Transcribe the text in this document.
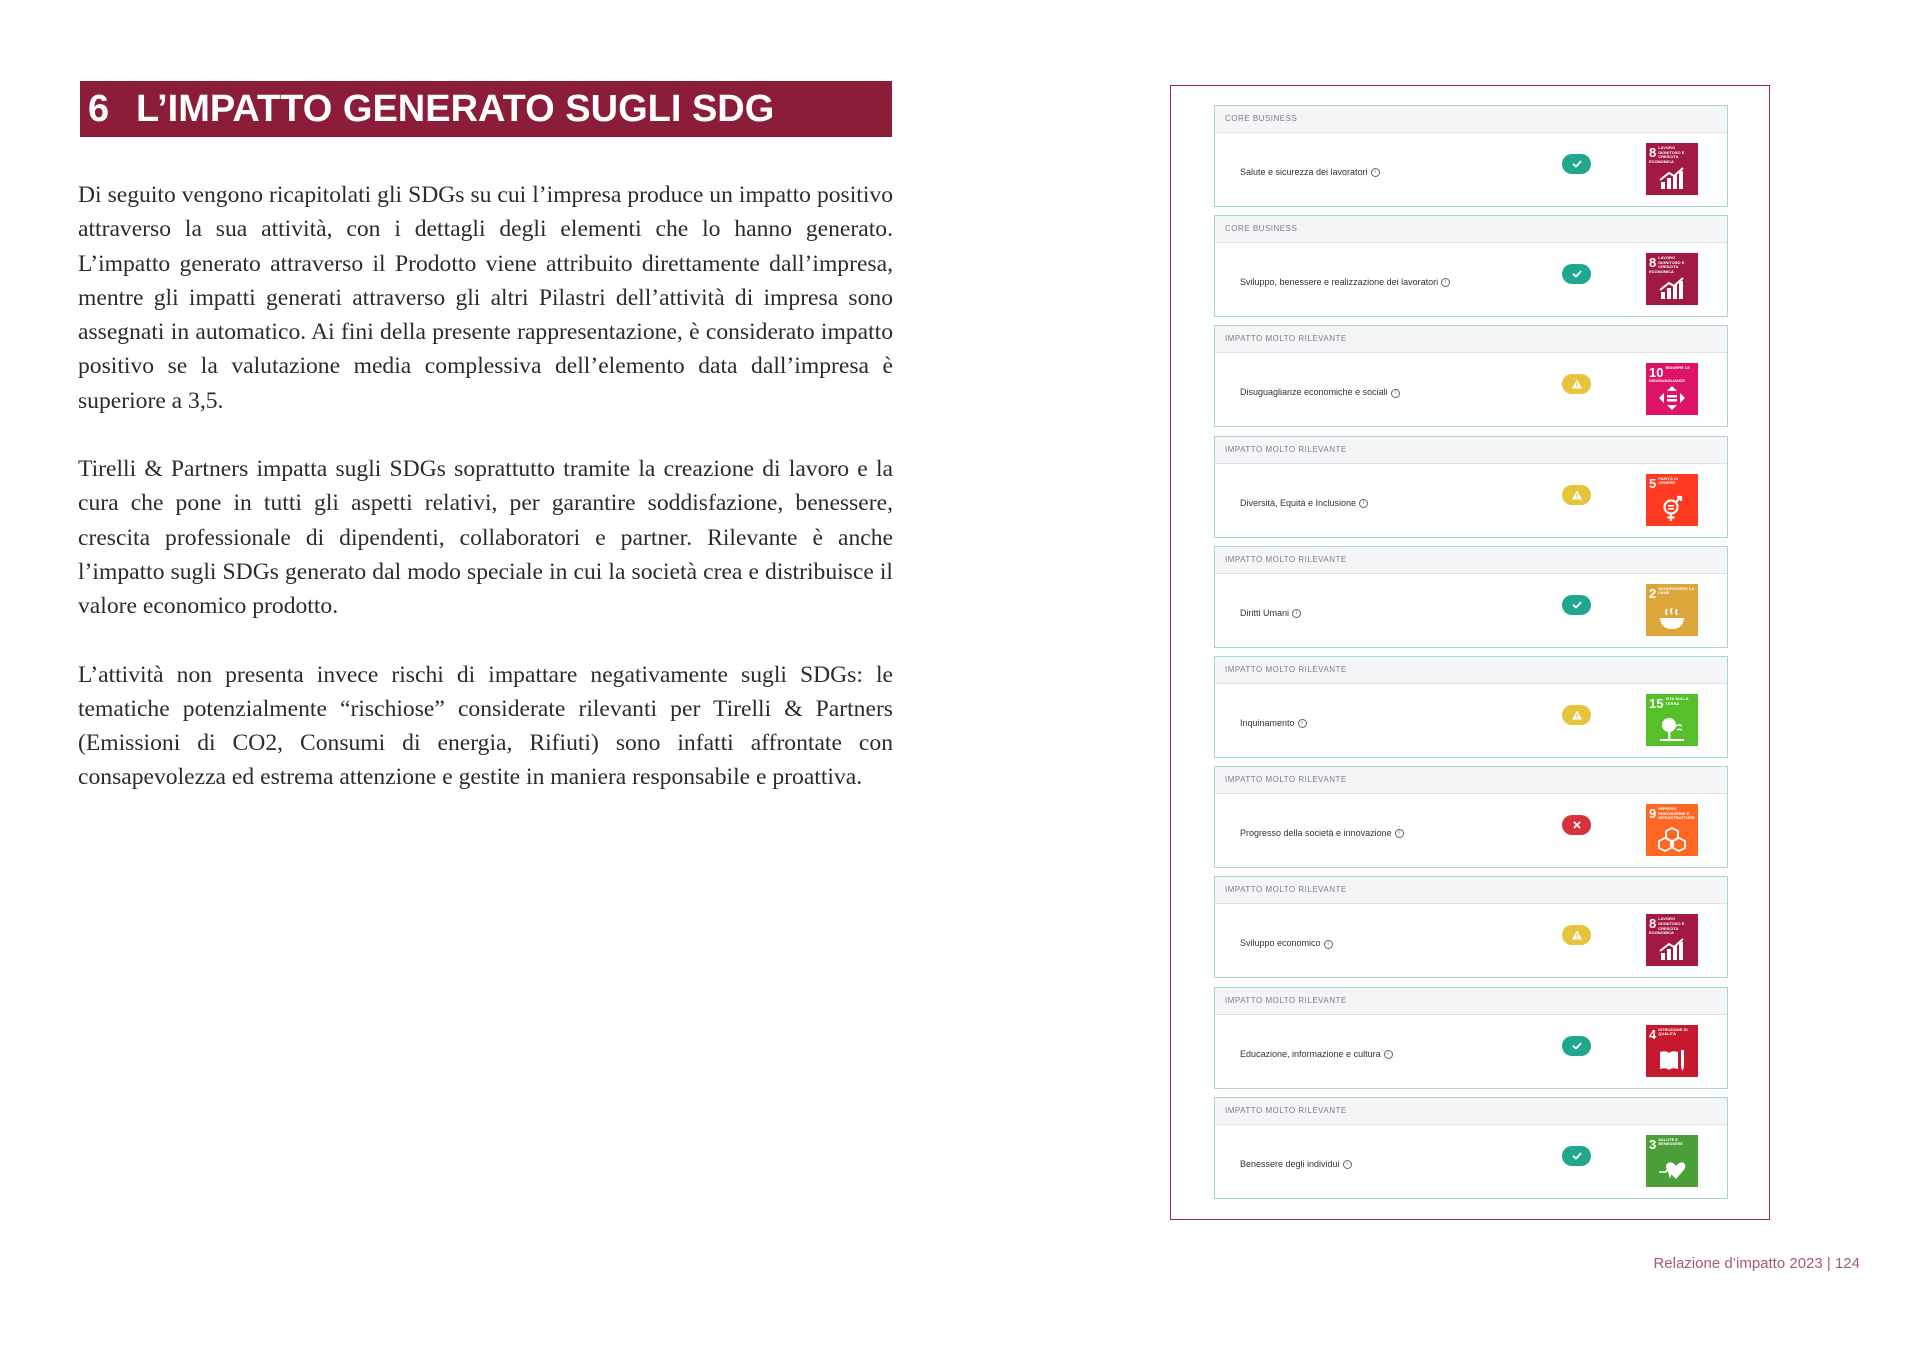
6 L’IMPATTO GENERATO SUGLI SDG

Di seguito vengono ricapitolati gli SDGs su cui l’impresa produce un impatto positivo attraverso la sua attività, con i dettagli degli elementi che lo hanno generato. L’impatto generato attraverso il Prodotto viene attribuito direttamente dall’impresa, mentre gli impatti generati attraverso gli altri Pilastri dell’attività di impresa sono assegnati in automatico. Ai fini della presente rappresentazione, è considerato impatto positivo se la valutazione media complessiva dell’elemento data dall’impresa è superiore a 3,5.

Tirelli & Partners impatta sugli SDGs soprattutto tramite la creazione di lavoro e la cura che pone in tutti gli aspetti relativi, per garantire soddisfazione, benessere, crescita professionale di dipendenti, collaboratori e partner. Rilevante è anche l’impatto sugli SDGs generato dal modo speciale in cui la società crea e distribuisce il valore economico prodotto.

L’attività non presenta invece rischi di impattare negativamente sugli SDGs: le tematiche potenzialmente “rischiose” considerate rilevanti per Tirelli & Partners (Emissioni di CO2, Consumi di energia, Rifiuti) sono infatti affrontate con consapevolezza ed estrema attenzione e gestite in maniera responsabile e proattiva.

CORE BUSINESS
Salute e sicurezza dei lavoratori i
8 LAVORO DIGNITOSO E CRESCITA ECONOMICA
CORE BUSINESS
Sviluppo, benessere e realizzazione dei lavoratori i
8 LAVORO DIGNITOSO E CRESCITA ECONOMICA
IMPATTO MOLTO RILEVANTE
Disuguaglianze economiche e sociali i
10 RIDURRE LE DISUGUAGLIANZE
IMPATTO MOLTO RILEVANTE
Diversità, Equità e Inclusione i
5 PARITÀ DI GENERE
IMPATTO MOLTO RILEVANTE
Diritti Umani i
2 SCONFIGGERE LA FAME
IMPATTO MOLTO RILEVANTE
Inquinamento i
15 VITA SULLA TERRA
IMPATTO MOLTO RILEVANTE
Progresso della società e innovazione i
9 IMPRESE, INNOVAZIONE E INFRASTRUTTURE
IMPATTO MOLTO RILEVANTE
Sviluppo economico i
8 LAVORO DIGNITOSO E CRESCITA ECONOMICA
IMPATTO MOLTO RILEVANTE
Educazione, informazione e cultura i
4 ISTRUZIONE DI QUALITÀ
IMPATTO MOLTO RILEVANTE
Benessere degli individui i
3 SALUTE E BENESSERE
Relazione d’impatto 2023 | 124
